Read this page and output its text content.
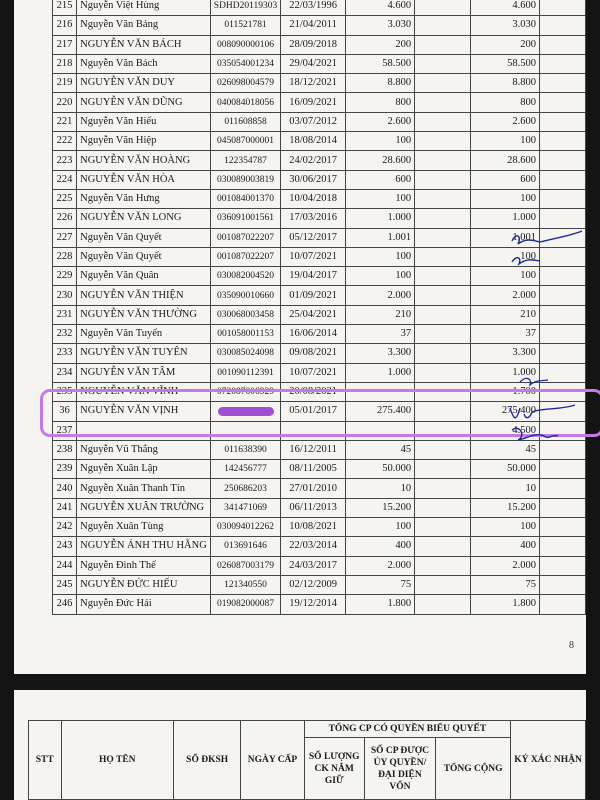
215	Nguyễn Việt Hùng	SDHD20119303	22/03/1996	4.600		4.600	
216	Nguyễn Văn Bảng	011521781	21/04/2011	3.030		3.030	
217	NGUYỄN VĂN BÁCH	008090000106	28/09/2018	200		200	
218	Nguyễn Văn Bách	035054001234	29/04/2021	58.500		58.500	
219	NGUYỄN VĂN DUY	026098004579	18/12/2021	8.800		8.800	
220	NGUYỄN VĂN DŨNG	040084018056	16/09/2021	800		800	
221	Nguyễn Văn Hiếu	011608858	03/07/2012	2.600		2.600	
222	Nguyễn Văn Hiệp	045087000001	18/08/2014	100		100	
223	NGUYỄN VĂN HOÀNG	122354787	24/02/2017	28.600		28.600	
224	NGUYỄN VĂN HÒA	030089003819	30/06/2017	600		600	
225	Nguyễn Văn Hưng	001084001370	10/04/2018	100		100	
226	NGUYỄN VĂN LONG	036091001561	17/03/2016	1.000		1.000	
227	Nguyễn Văn Quyết	001087022207	05/12/2017	1.001		1.001	
228	Nguyễn Văn Quyết	001087022207	10/07/2021	100		100	
229	Nguyễn Văn Quân	030082004520	19/04/2017	100		100	
230	NGUYỄN VĂN THIỆN	035090010660	01/09/2021	2.000		2.000	
231	NGUYỄN VĂN THƯỜNG	030068003458	25/04/2021	210		210	
232	Nguyễn Văn Tuyến	001058001153	16/06/2014	37		37	
233	NGUYỄN VĂN TUYÊN	030085024098	09/08/2021	3.300		3.300	
234	NGUYỄN VĂN TÂM	001090112391	10/07/2021	1.000		1.000	
235	NGUYỄN VĂN VĨNH	072087006929	20/08/2021			1.700	
36	NGUYỄN VĂN VỊNH		05/01/2017	275.400		275.400	
237						4.500	
238	Nguyễn Vũ Thắng	011638390	16/12/2011	45		45	
239	Nguyễn Xuân Lập	142456777	08/11/2005	50.000		50.000	
240	Nguyễn Xuân Thanh Tín	250686203	27/01/2010	10		10	
241	NGUYỄN XUÂN TRƯỜNG	341471069	06/11/2013	15.200		15.200	
242	Nguyễn Xuân Tùng	030094012262	10/08/2021	100		100	
243	NGUYỄN ÁNH THU HẰNG	013691646	22/03/2014	400		400	
244	Nguyễn Đình Thế	026087003179	24/03/2017	2.000		2.000	
245	NGUYỄN ĐỨC HIẾU	121340550	02/12/2009	75		75	
246	Nguyễn Đức Hải	019082000087	19/12/2014	1.800		1.800	
8
STT	HỌ TÊN	SỐ ĐKSH	NGÀY CẤP	TỔNG CP CÓ QUYỀN BIỂU QUYẾT			KÝ XÁC NHẬN
				SỐ LƯỢNG CK NẮM GIỮ	SỐ CP ĐƯỢC ỦY QUYỀN/ĐẠI DIỆN VỐN	TỔNG CỘNG	
